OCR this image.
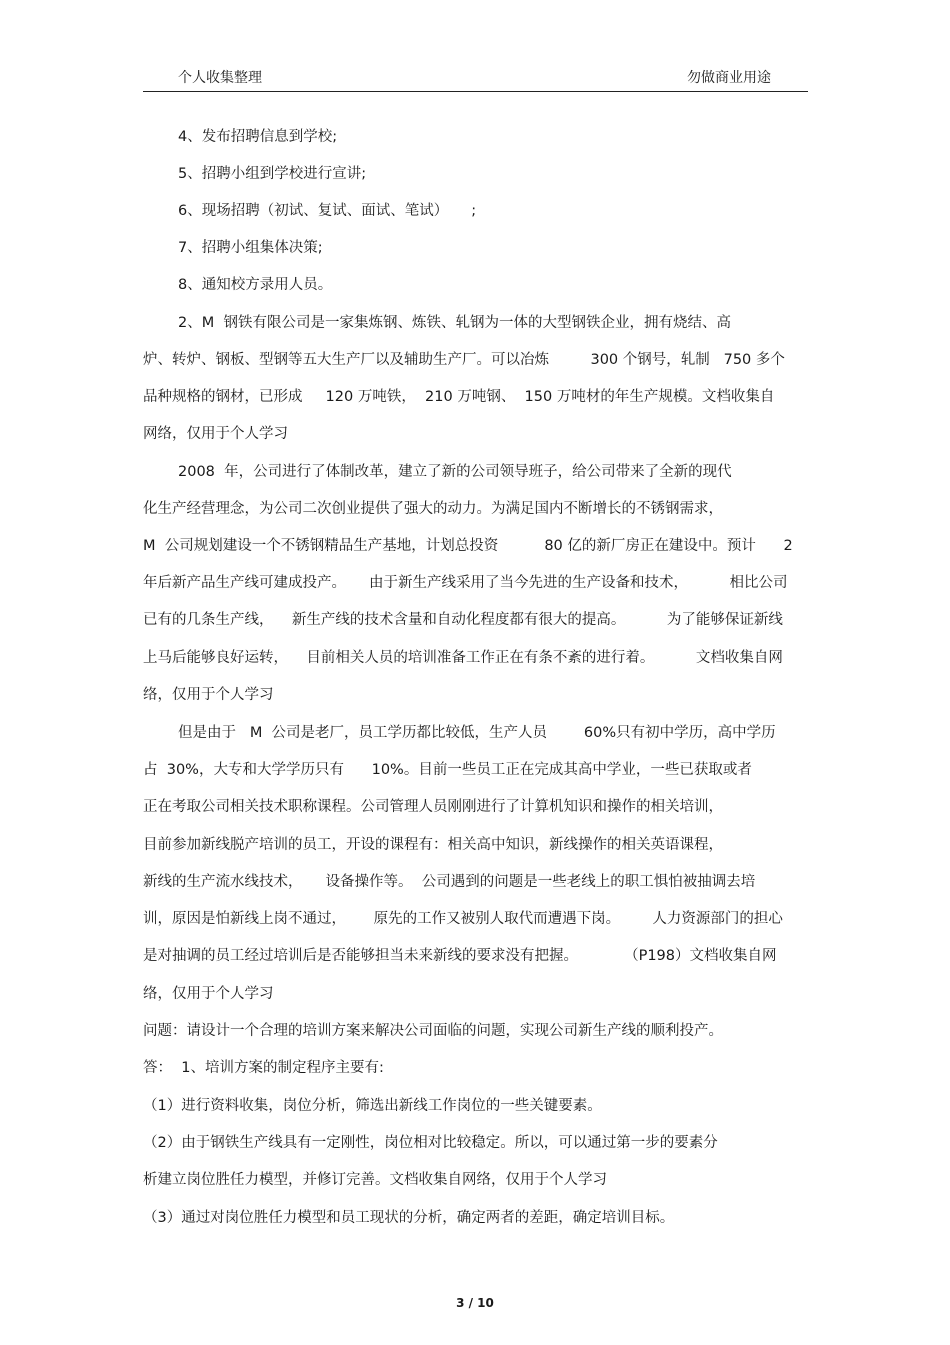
个人收集整理	勿做商业用途
4、发布招聘信息到学校;
5、招聘小组到学校进行宣讲;
6、现场招聘（初试、复试、面试、笔试）     ;
7、招聘小组集体决策;
8、通知校方录用人员。
2、M  钢铁有限公司是一家集炼钢、炼铁、轧钢为一体的大型钢铁企业，拥有烧结、高
炉、转炉、钢板、型钢等五大生产厂以及辅助生产厂。可以冶炼         300 个钢号，轧制   750 多个
品种规格的钢材，已形成     120 万吨铁，  210 万吨钢、  150 万吨材的年生产规模。文档收集自
网络，仅用于个人学习
2008  年，公司进行了体制改革，建立了新的公司领导班子，给公司带来了全新的现代
化生产经营理念，为公司二次创业提供了强大的动力。为满足国内不断增长的不锈钢需求，
M  公司规划建设一个不锈钢精品生产基地，计划总投资          80 亿的新厂房正在建设中。预计      2
年后新产品生产线可建成投产。     由于新生产线采用了当今先进的生产设备和技术，         相比公司
已有的几条生产线，    新生产线的技术含量和自动化程度都有很大的提高。         为了能够保证新线
上马后能够良好运转，    目前相关人员的培训准备工作正在有条不紊的进行着。         文档收集自网
络，仅用于个人学习
但是由于   M  公司是老厂，员工学历都比较低，生产人员        60%只有初中学历，高中学历
占  30%，大专和大学学历只有      10%。目前一些员工正在完成其高中学业，一些已获取或者
正在考取公司相关技术职称课程。公司管理人员刚刚进行了计算机知识和操作的相关培训，
目前参加新线脱产培训的员工，开设的课程有：相关高中知识，新线操作的相关英语课程，
新线的生产流水线技术，     设备操作等。  公司遇到的问题是一些老线上的职工惧怕被抽调去培
训，原因是怕新线上岗不通过，      原先的工作又被别人取代而遭遇下岗。       人力资源部门的担心
是对抽调的员工经过培训后是否能够担当未来新线的要求没有把握。          （P198）文档收集自网
络，仅用于个人学习
问题：请设计一个合理的培训方案来解决公司面临的问题，实现公司新生产线的顺利投产。
答：  1、培训方案的制定程序主要有:
（1）进行资料收集，岗位分析，筛选出新线工作岗位的一些关键要素。
（2）由于钢铁生产线具有一定刚性，岗位相对比较稳定。所以，可以通过第一步的要素分
析建立岗位胜任力模型，并修订完善。文档收集自网络，仅用于个人学习
（3）通过对岗位胜任力模型和员工现状的分析，确定两者的差距，确定培训目标。
3 / 10
